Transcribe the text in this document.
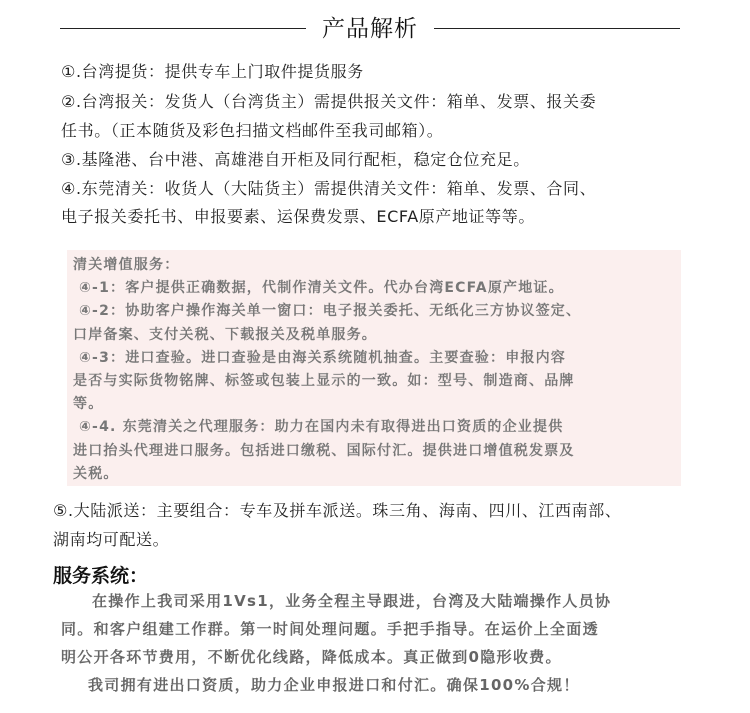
产品解析
①.台湾提货：提供专车上门取件提货服务
②.台湾报关：发货人（台湾货主）需提供报关文件：箱单、发票、报关委
任书。（正本随货及彩色扫描文档邮件至我司邮箱）。
③.基隆港、台中港、高雄港自开柜及同行配柜，稳定仓位充足。
④.东莞清关：收货人（大陆货主）需提供清关文件：箱单、发票、合同、
电子报关委托书、申报要素、运保费发票、ECFA原产地证等等。
清关增值服务：
④-1：客户提供正确数据，代制作清关文件。代办台湾ECFA原产地证。
④-2：协助客户操作海关单一窗口：电子报关委托、无纸化三方协议签定、
口岸备案、支付关税、下载报关及税单服务。
④-3：进口查验。进口查验是由海关系统随机抽查。主要查验：申报内容
是否与实际货物铭牌、标签或包装上显示的一致。如：型号、制造商、品牌
等。
④-4. 东莞清关之代理服务：助力在国内未有取得进出口资质的企业提供
进口抬头代理进口服务。包括进口缴税、国际付汇。提供进口增值税发票及
关税。
⑤.大陆派送：主要组合：专车及拼车派送。珠三角、海南、四川、江西南部、
湖南均可配送。
服务系统：
在操作上我司采用1Vs1，业务全程主导跟进，台湾及大陆端操作人员协
同。和客户组建工作群。第一时间处理问题。手把手指导。在运价上全面透
明公开各环节费用，不断优化线路，降低成本。真正做到0隐形收费。
我司拥有进出口资质，助力企业申报进口和付汇。确保100%合规！
